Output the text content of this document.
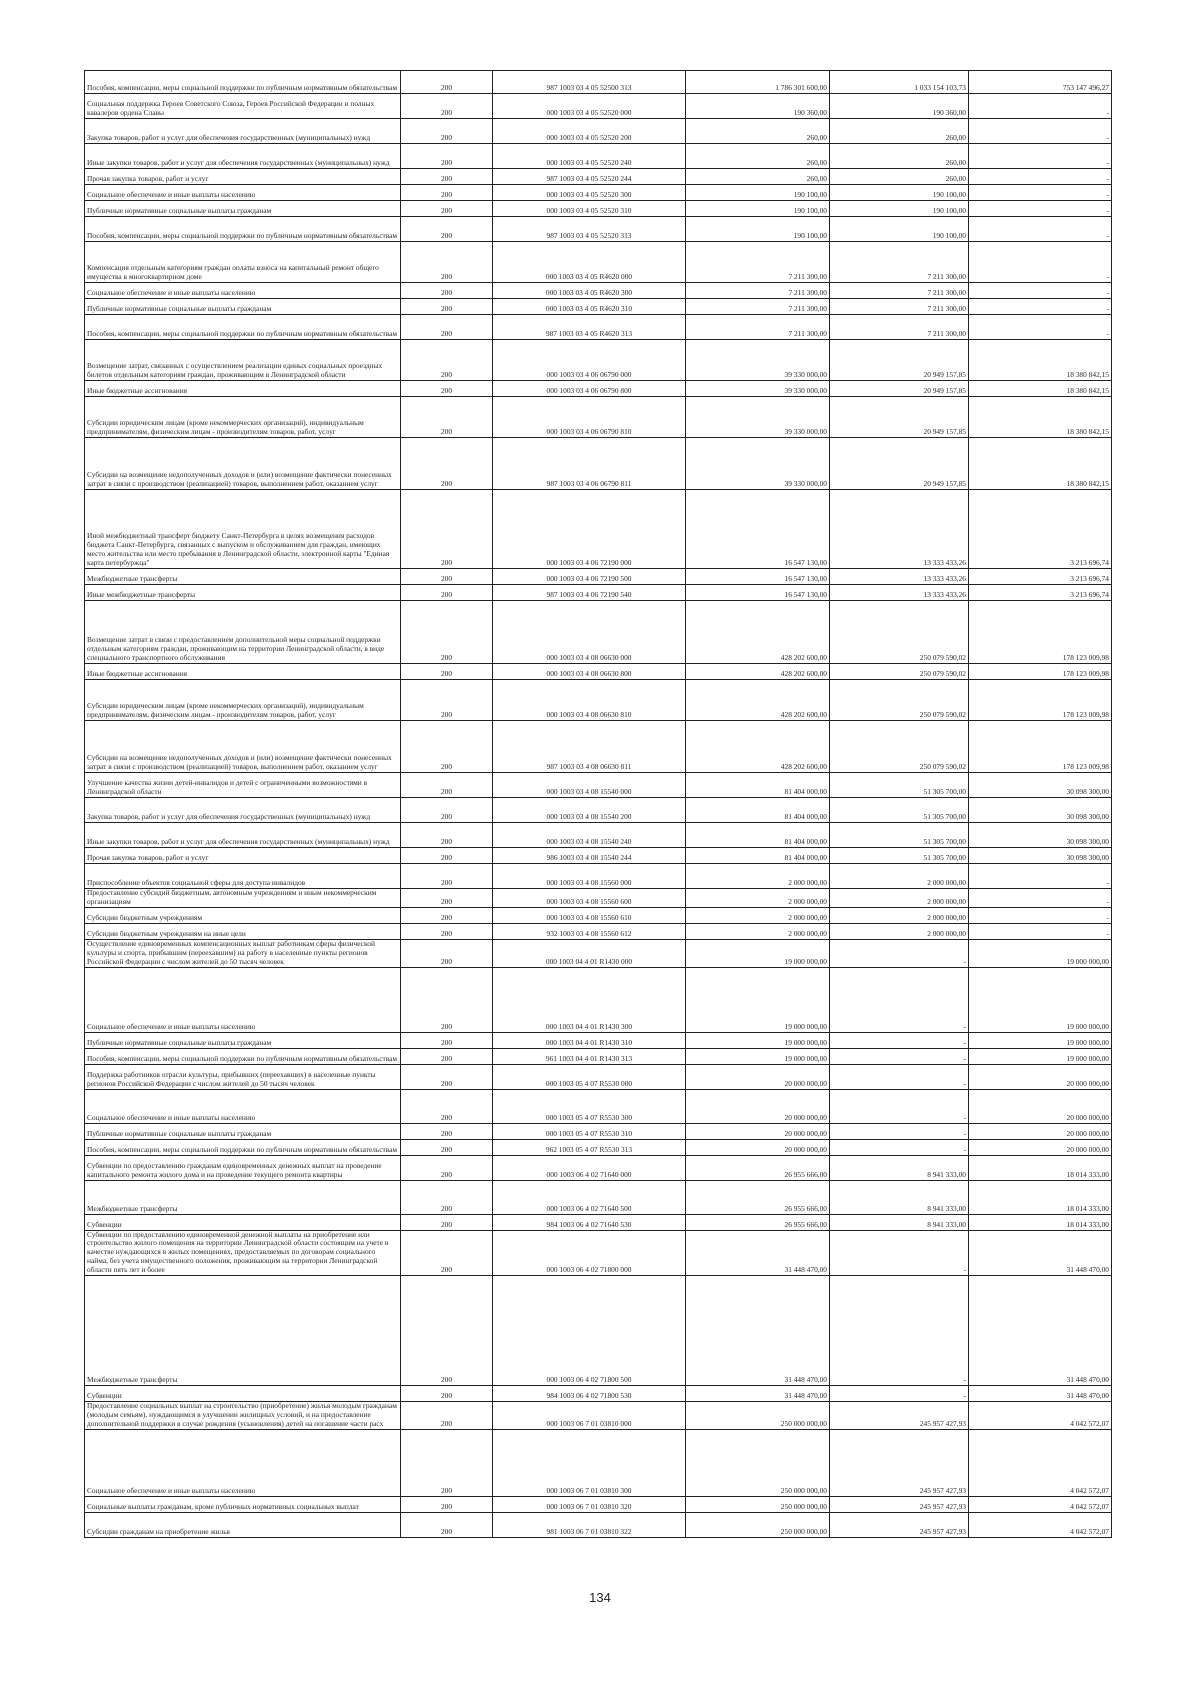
Пособия, компенсации, меры социальной поддержки по публичным нормативным обязательствам	200	987 1003 03 4 05 52500 313	1 786 301 600,00	1 033 154 103,73	753 147 496,27
Социальная поддержка Героев Советского Союза, Героев Российской Федерации и полных кавалеров ордена Славы	200	000 1003 03 4 05 52520 000	190 360,00	190 360,00	-
Закупка товаров, работ и услуг для обеспечения государственных (муниципальных) нужд	200	000 1003 03 4 05 52520 200	260,00	260,00	-
Иные закупки товаров, работ и услуг для обеспечения государственных (муниципальных) нужд	200	000 1003 03 4 05 52520 240	260,00	260,00	-
Прочая закупка товаров, работ и услуг	200	987 1003 03 4 05 52520 244	260,00	260,00	-
Социальное обеспечение и иные выплаты населению	200	000 1003 03 4 05 52520 300	190 100,00	190 100,00	-
Публичные нормативные социальные выплаты гражданам	200	000 1003 03 4 05 52520 310	190 100,00	190 100,00	-
Пособия, компенсации, меры социальной поддержки по публичным нормативным обязательствам	200	987 1003 03 4 05 52520 313	190 100,00	190 100,00	-
Компенсация отдельным категориям граждан оплаты взноса на капитальный ремонт общего имущества в многоквартирном доме	200	000 1003 03 4 05 R4620 000	7 211 300,00	7 211 300,00	-
Социальное обеспечение и иные выплаты населению	200	000 1003 03 4 05 R4620 300	7 211 300,00	7 211 300,00	-
Публичные нормативные социальные выплаты гражданам	200	000 1003 03 4 05 R4620 310	7 211 300,00	7 211 300,00	-
Пособия, компенсации, меры социальной поддержки по публичным нормативным обязательствам	200	987 1003 03 4 05 R4620 313	7 211 300,00	7 211 300,00	-
Возмещение затрат, связанных с осуществлением реализации единых социальных проездных билетов отдельным категориям граждан, проживающим в Ленинградской области	200	000 1003 03 4 06 06790 000	39 330 000,00	20 949 157,85	18 380 842,15
Иные бюджетные ассигнования	200	000 1003 03 4 06 06790 800	39 330 000,00	20 949 157,85	18 380 842,15
Субсидии юридическим лицам (кроме некоммерческих организаций), индивидуальным предпринимателям, физическим лицам - производителям товаров, работ, услуг	200	000 1003 03 4 06 06790 810	39 330 000,00	20 949 157,85	18 380 842,15
Субсидии на возмещение недополученных доходов и (или) возмещение фактически понесенных затрат в связи с производством (реализацией) товаров, выполнением работ, оказанием услуг	200	987 1003 03 4 06 06790 811	39 330 000,00	20 949 157,85	18 380 842,15
Иной межбюджетный трансферт бюджету Санкт-Петербурга в целях возмещения расходов бюджета Санкт-Петербурга, связанных с выпуском и обслуживанием для граждан, имеющих место жительства или место пребывания в Ленинградской области, электронной карты "Единая карта петербуржца"	200	000 1003 03 4 06 72190 000	16 547 130,00	13 333 433,26	3 213 696,74
Межбюджетные трансферты	200	000 1003 03 4 06 72190 500	16 547 130,00	13 333 433,26	3 213 696,74
Иные межбюджетные трансферты	200	987 1003 03 4 06 72190 540	16 547 130,00	13 333 433,26	3 213 696,74
Возмещение затрат в связи с предоставлением дополнительной меры социальной поддержки отдельным категориям граждан, проживающим на территории Ленинградской области, в виде специального транспортного обслуживания	200	000 1003 03 4 08 06630 000	428 202 600,00	250 079 590,02	178 123 009,98
Иные бюджетные ассигнования	200	000 1003 03 4 08 06630 800	428 202 600,00	250 079 590,02	178 123 009,98
Субсидии юридическим лицам (кроме некоммерческих организаций), индивидуальным предпринимателям, физическим лицам - производителям товаров, работ, услуг	200	000 1003 03 4 08 06630 810	428 202 600,00	250 079 590,02	178 123 009,98
Субсидии на возмещение недополученных доходов и (или) возмещение фактически понесенных затрат в связи с производством (реализацией) товаров, выполнением работ, оказанием услуг	200	987 1003 03 4 08 06630 811	428 202 600,00	250 079 590,02	178 123 009,98
Улучшение качества жизни детей-инвалидов и детей с ограниченными возможностями в Ленинградской области	200	000 1003 03 4 08 15540 000	81 404 000,00	51 305 700,00	30 098 300,00
Закупка товаров, работ и услуг для обеспечения государственных (муниципальных) нужд	200	000 1003 03 4 08 15540 200	81 404 000,00	51 305 700,00	30 098 300,00
Иные закупки товаров, работ и услуг для обеспечения государственных (муниципальных) нужд	200	000 1003 03 4 08 15540 240	81 404 000,00	51 305 700,00	30 098 300,00
Прочая закупка товаров, работ и услуг	200	986 1003 03 4 08 15540 244	81 404 000,00	51 305 700,00	30 098 300,00
Приспособление объектов социальной сферы для доступа инвалидов	200	000 1003 03 4 08 15560 000	2 000 000,00	2 000 000,00	-
Предоставление субсидий бюджетным, автономным учреждениям и иным некоммерческим организациям	200	000 1003 03 4 08 15560 600	2 000 000,00	2 000 000,00	-
Субсидии бюджетным учреждениям	200	000 1003 03 4 08 15560 610	2 000 000,00	2 000 000,00	-
Субсидии бюджетным учреждениям на иные цели	200	932 1003 03 4 08 15560 612	2 000 000,00	2 000 000,00	-
Осуществление единовременных компенсационных выплат работникам сферы физической культуры и спорта, прибывшим (переехавшим) на работу в населенные пункты регионов Российской Федерации с числом жителей до 50 тысяч человек	200	000 1003 04 4 01 R1430 000	19 000 000,00	-	19 000 000,00
Социальное обеспечение и иные выплаты населению	200	000 1003 04 4 01 R1430 300	19 000 000,00	-	19 000 000,00
Публичные нормативные социальные выплаты гражданам	200	000 1003 04 4 01 R1430 310	19 000 000,00	-	19 000 000,00
Пособия, компенсации, меры социальной поддержки по публичным нормативным обязательствам	200	961 1003 04 4 01 R1430 313	19 000 000,00	-	19 000 000,00
Поддержка работников отрасли культуры, прибывших (переехавших) в населенные пункты регионов Российской Федерации с числом жителей до 50 тысяч человек	200	000 1003 05 4 07 R5530 000	20 000 000,00	-	20 000 000,00
Социальное обеспечение и иные выплаты населению	200	000 1003 05 4 07 R5530 300	20 000 000,00	-	20 000 000,00
Публичные нормативные социальные выплаты гражданам	200	000 1003 05 4 07 R5530 310	20 000 000,00	-	20 000 000,00
Пособия, компенсации, меры социальной поддержки по публичным нормативным обязательствам	200	962 1003 05 4 07 R5530 313	20 000 000,00	-	20 000 000,00
Субвенции по предоставлению гражданам единовременных денежных выплат на проведение капитального ремонта жилого дома и на проведение текущего ремонта квартиры	200	000 1003 06 4 02 71640 000	26 955 666,00	8 941 333,00	18 014 333,00
Межбюджетные трансферты	200	000 1003 06 4 02 71640 500	26 955 666,00	8 941 333,00	18 014 333,00
Субвенции	200	984 1003 06 4 02 71640 530	26 955 666,00	8 941 333,00	18 014 333,00
Субвенции по предоставлению единовременной денежной выплаты на приобретение или строительство жилого помещения на территории Ленинградской области состоящим на учете в качестве нуждающихся в жилых помещениях, предоставляемых по договорам социального найма, без учета имущественного положения, проживающим на территории Ленинградской области пять лет и более	200	000 1003 06 4 02 71800 000	31 448 470,00	-	31 448 470,00
Межбюджетные трансферты	200	000 1003 06 4 02 71800 500	31 448 470,00	-	31 448 470,00
Субвенции	200	984 1003 06 4 02 71800 530	31 448 470,00	-	31 448 470,00
Предоставление социальных выплат на строительство (приобретение) жилья молодым гражданам (молодым семьям), нуждающимся в улучшении жилищных условий, и на предоставление дополнительной поддержки в случае рождения (усыновления) детей на погашение части расх	200	000 1003 06 7 01 03810 000	250 000 000,00	245 957 427,93	4 042 572,07
Социальное обеспечение и иные выплаты населению	200	000 1003 06 7 01 03810 300	250 000 000,00	245 957 427,93	4 042 572,07
Социальные выплаты гражданам, кроме публичных нормативных социальных выплат	200	000 1003 06 7 01 03810 320	250 000 000,00	245 957 427,93	4 042 572,07
Субсидии гражданам на приобретение жилья	200	981 1003 06 7 01 03810 322	250 000 000,00	245 957 427,93	4 042 572,07
134
